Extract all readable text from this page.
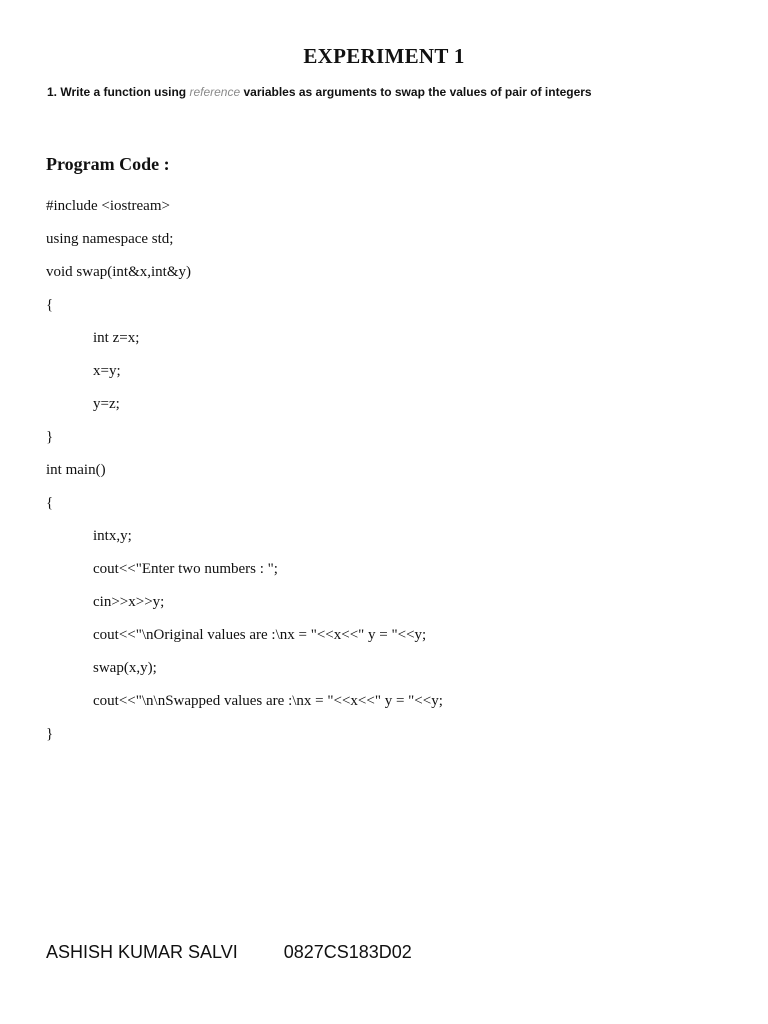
EXPERIMENT 1
1. Write a function using reference variables as arguments to swap the values of pair of integers
Program Code :
#include <iostream>
using namespace std;
void swap(int&x,int&y)
{
int z=x;
x=y;
y=z;
}
int main()
{
intx,y;
cout<<"Enter two numbers : ";
cin>>x>>y;
cout<<"\nOriginal values are :\nx = "<<x<<" y = "<<y;
swap(x,y);
cout<<"\n\nSwapped values are :\nx = "<<x<<" y = "<<y;
}
ASHISH KUMAR SALVI	0827CS183D02
